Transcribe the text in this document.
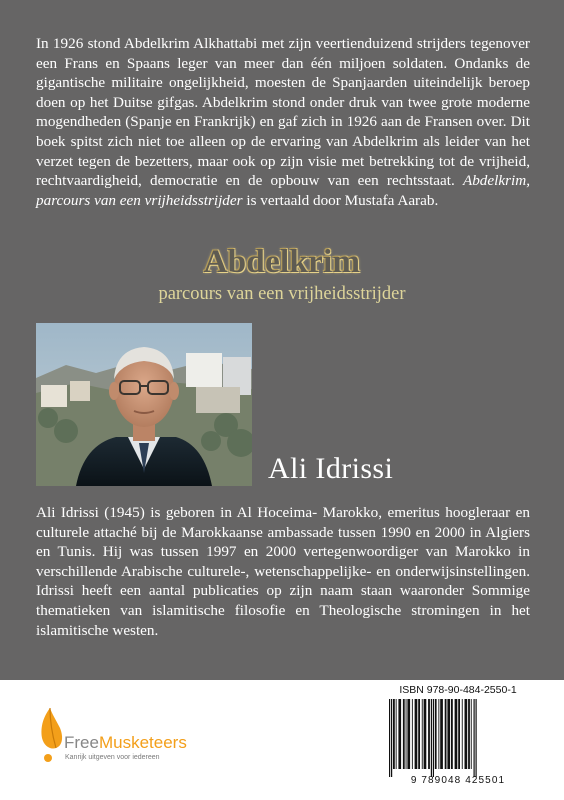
In 1926 stond Abdelkrim Alkhattabi met zijn veertienduizend strijders tegenover een Frans en Spaans leger van meer dan één miljoen soldaten. Ondanks de gigantische militaire ongelijkheid, moesten de Spanjaarden uiteindelijk beroep doen op het Duitse gifgas. Abdelkrim stond onder druk van twee grote moderne mogendheden (Spanje en Frankrijk) en gaf zich in 1926 aan de Fransen over. Dit boek spitst zich niet toe alleen op de ervaring van Abdelkrim als leider van het verzet tegen de bezetters, maar ook op zijn visie met betrekking tot de vrijheid, rechtvaardigheid, democratie en de opbouw van een rechtsstaat. Abdelkrim, parcours van een vrijheidsstrijder is vertaald door Mustafa Aarab.

Abdelkrim
parcours van een vrijheidsstrijder
Ali Idrissi

Ali Idrissi (1945) is geboren in Al Hoceima- Marokko, emeritus hoogleraar en culturele attaché bij de Marokkaanse ambassade tussen 1990 en 2000 in Algiers en Tunis. Hij was tussen 1997 en 2000 vertegenwoordiger van Marokko in verschillende Arabische culturele-, wetenschappelijke- en onderwijsinstellingen. Idrissi heeft een aantal publicaties op zijn naam staan waaronder Sommige thematieken van islamitische filosofie en Theologische stromingen in het islamitische westen.

FreeMusketeers
Kanrijk uitgeven voor iedereen
ISBN 978-90-484-2550-1
9 789048 425501
